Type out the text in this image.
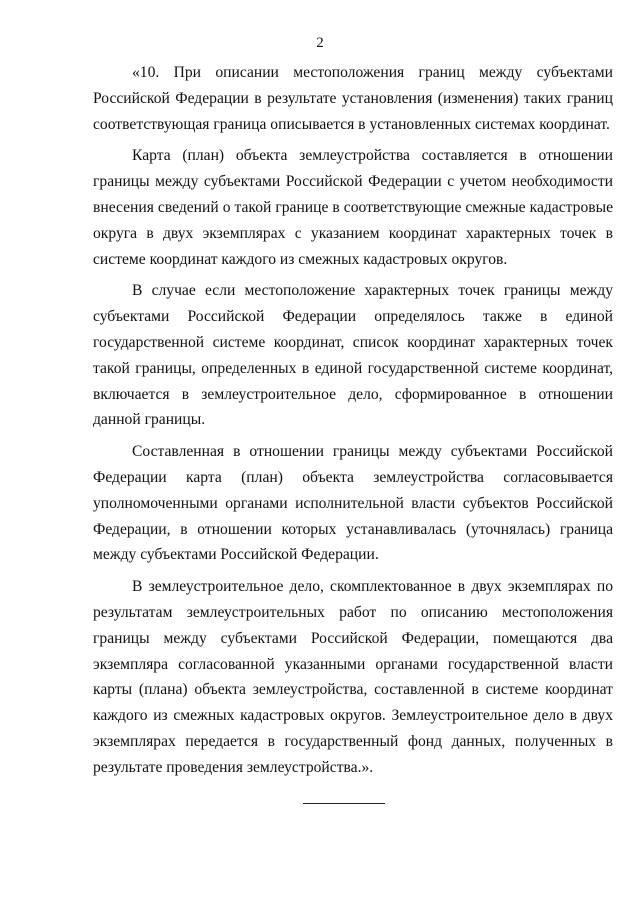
2

«10. При описании местоположения границ между субъектами Российской Федерации в результате установления (изменения) таких границ соответствующая граница описывается в установленных системах координат.

Карта (план) объекта землеустройства составляется в отношении границы между субъектами Российской Федерации с учетом необходимости внесения сведений о такой границе в соответствующие смежные кадастровые округа в двух экземплярах с указанием координат характерных точек в системе координат каждого из смежных кадастровых округов.

В случае если местоположение характерных точек границы между субъектами Российской Федерации определялось также в единой государственной системе координат, список координат характерных точек такой границы, определенных в единой государственной системе координат, включается в землеустроительное дело, сформированное в отношении данной границы.

Составленная в отношении границы между субъектами Российской Федерации карта (план) объекта землеустройства согласовывается уполномоченными органами исполнительной власти субъектов Российской Федерации, в отношении которых устанавливалась (уточнялась) граница между субъектами Российской Федерации.

В землеустроительное дело, скомплектованное в двух экземплярах по результатам землеустроительных работ по описанию местоположения границы между субъектами Российской Федерации, помещаются два экземпляра согласованной указанными органами государственной власти карты (плана) объекта землеустройства, составленной в системе координат каждого из смежных кадастровых округов. Землеустроительное дело в двух экземплярах передается в государственный фонд данных, полученных в результате проведения землеустройства.».
